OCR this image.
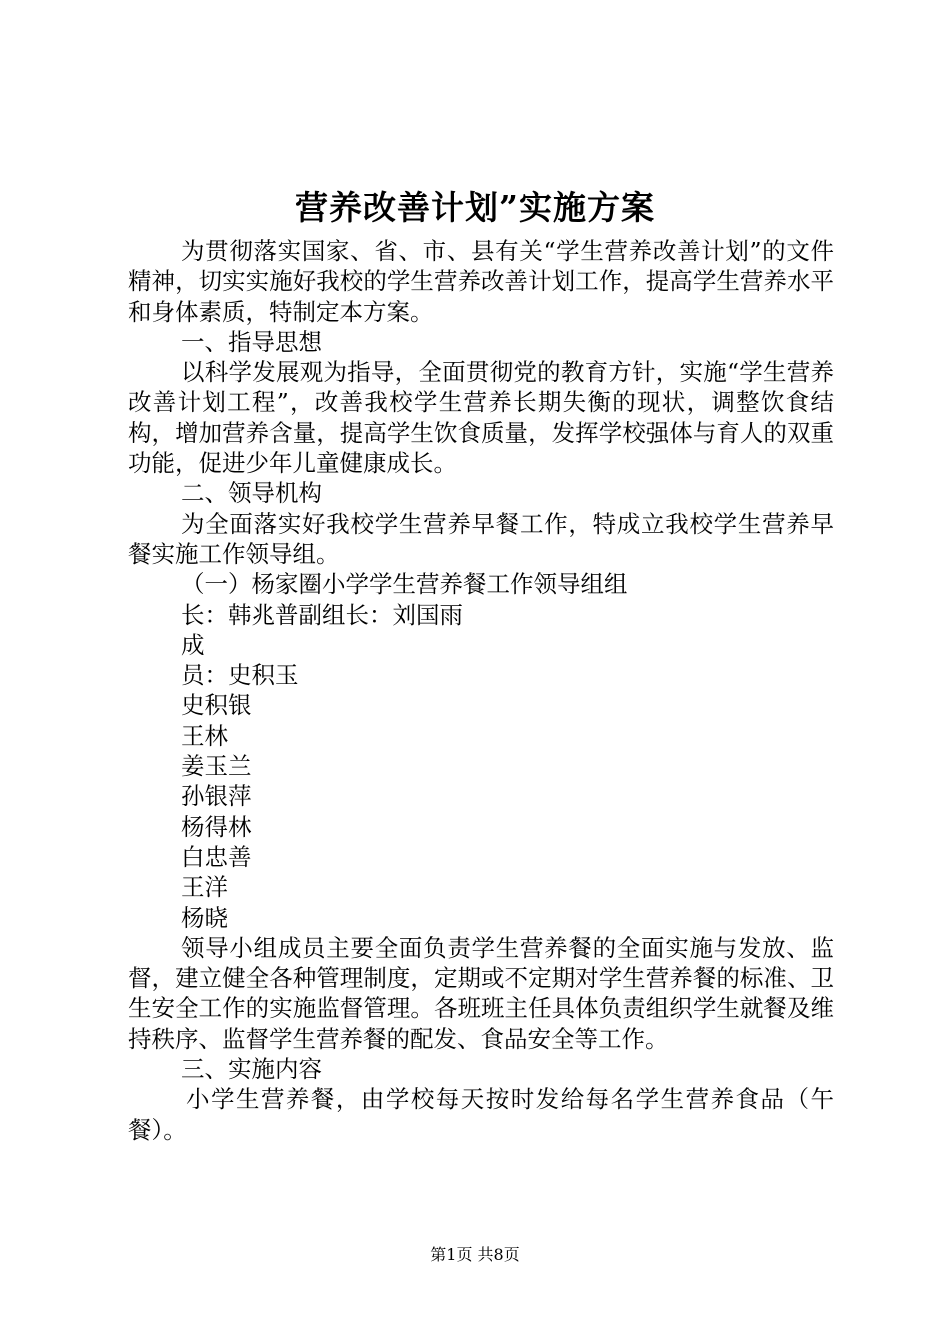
营养改善计划”实施方案

为贯彻落实国家、省、市、县有关“学生营养改善计划”的文件精神，切实实施好我校的学生营养改善计划工作，提高学生营养水平和身体素质，特制定本方案。

一、指导思想

以科学发展观为指导，全面贯彻党的教育方针，实施“学生营养改善计划工程”，改善我校学生营养长期失衡的现状，调整饮食结构，增加营养含量，提高学生饮食质量，发挥学校强体与育人的双重功能，促进少年儿童健康成长。

二、领导机构

为全面落实好我校学生营养早餐工作，特成立我校学生营养早餐实施工作领导组。

（一）杨家圈小学学生营养餐工作领导组组

长：韩兆普副组长：刘国雨

成

员：史积玉

史积银

王林

姜玉兰

孙银萍

杨得林

白忠善

王洋

杨晓

领导小组成员主要全面负责学生营养餐的全面实施与发放、监督，建立健全各种管理制度，定期或不定期对学生营养餐的标准、卫生安全工作的实施监督管理。各班班主任具体负责组织学生就餐及维持秩序、监督学生营养餐的配发、食品安全等工作。

三、实施内容

小学生营养餐，由学校每天按时发给每名学生营养食品（午餐）。

第1页 共8页
